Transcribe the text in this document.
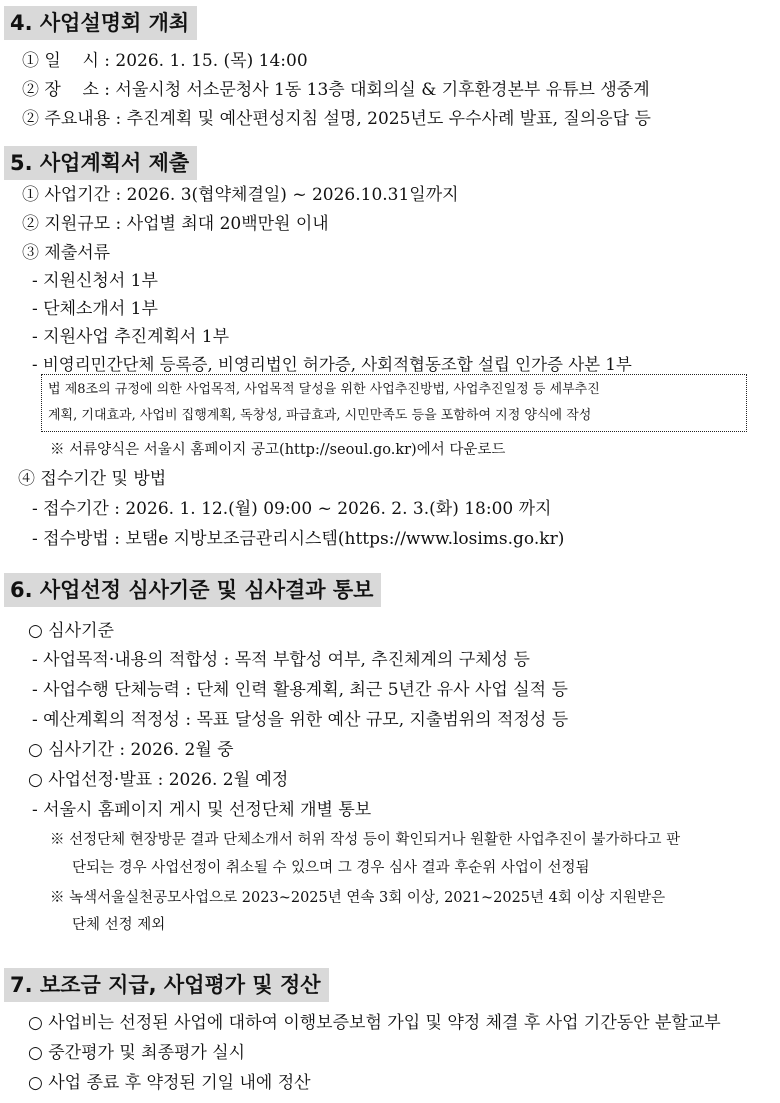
4. 사업설명회 개최
① 일    시 : 2026. 1. 15. (목) 14:00
② 장    소 : 서울시청 서소문청사 1동 13층 대회의실 & 기후환경본부 유튜브 생중계
② 주요내용 : 추진계획 및 예산편성지침 설명, 2025년도 우수사례 발표, 질의응답 등
5. 사업계획서 제출
① 사업기간 : 2026. 3(협약체결일) ~ 2026.10.31일까지
② 지원규모 : 사업별 최대 20백만원 이내
③ 제출서류
- 지원신청서 1부
- 단체소개서 1부
- 지원사업 추진계획서 1부
- 비영리민간단체 등록증, 비영리법인 허가증, 사회적협동조합 설립 인가증 사본 1부
법 제8조의 규정에 의한 사업목적, 사업목적 달성을 위한 사업추진방법, 사업추진일정 등 세부추진
계획, 기대효과, 사업비 집행계획, 독창성, 파급효과, 시민만족도 등을 포함하여 지정 양식에 작성
※ 서류양식은 서울시 홈페이지 공고(http://seoul.go.kr)에서 다운로드
④ 접수기간 및 방법
- 접수기간 : 2026. 1. 12.(월) 09:00 ~ 2026. 2. 3.(화) 18:00 까지
- 접수방법 : 보탬e 지방보조금관리시스템(https://www.losims.go.kr)
6. 사업선정 심사기준 및 심사결과 통보
○ 심사기준
- 사업목적·내용의 적합성 : 목적 부합성 여부, 추진체계의 구체성 등
- 사업수행 단체능력 : 단체 인력 활용계획, 최근 5년간 유사 사업 실적 등
- 예산계획의 적정성 : 목표 달성을 위한 예산 규모, 지출범위의 적정성 등
○ 심사기간 : 2026. 2월 중
○ 사업선정·발표 : 2026. 2월 예정
- 서울시 홈페이지 게시 및 선정단체 개별 통보
※ 선정단체 현장방문 결과 단체소개서 허위 작성 등이 확인되거나 원활한 사업추진이 불가하다고 판
단되는 경우 사업선정이 취소될 수 있으며 그 경우 심사 결과 후순위 사업이 선정됨
※ 녹색서울실천공모사업으로 2023~2025년 연속 3회 이상, 2021~2025년 4회 이상 지원받은
단체 선정 제외
7. 보조금 지급, 사업평가 및 정산
○ 사업비는 선정된 사업에 대하여 이행보증보험 가입 및 약정 체결 후 사업 기간동안 분할교부
○ 중간평가 및 최종평가 실시
○ 사업 종료 후 약정된 기일 내에 정산
